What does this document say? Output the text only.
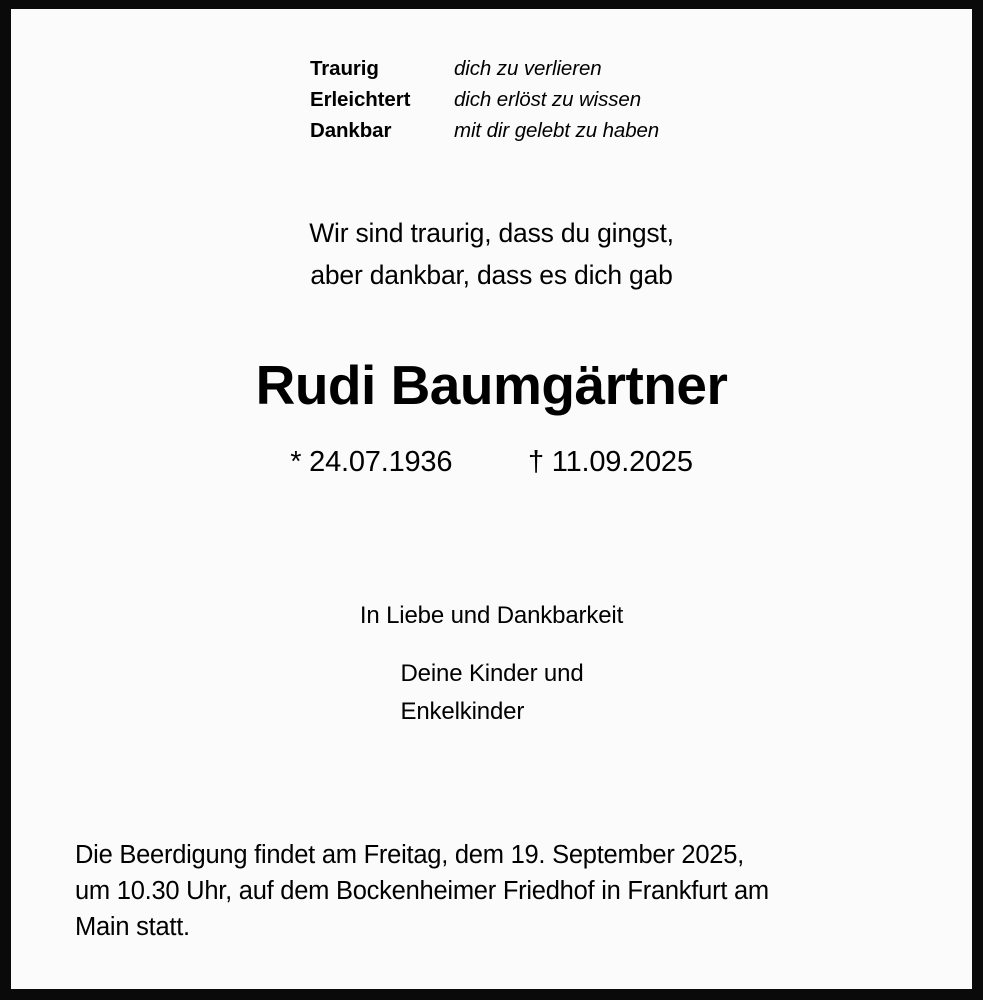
Traurig	dich zu verlieren
Erleichtert	dich erlöst zu wissen
Dankbar	mit dir gelebt zu haben
Wir sind traurig, dass du gingst,
aber dankbar, dass es dich gab
Rudi Baumgärtner
* 24.07.1936	† 11.09.2025
In Liebe und Dankbarkeit
Deine Kinder und
Enkelkinder
Die Beerdigung findet am Freitag, dem 19. September 2025,
um 10.30 Uhr, auf dem Bockenheimer Friedhof in Frankfurt am
Main statt.
